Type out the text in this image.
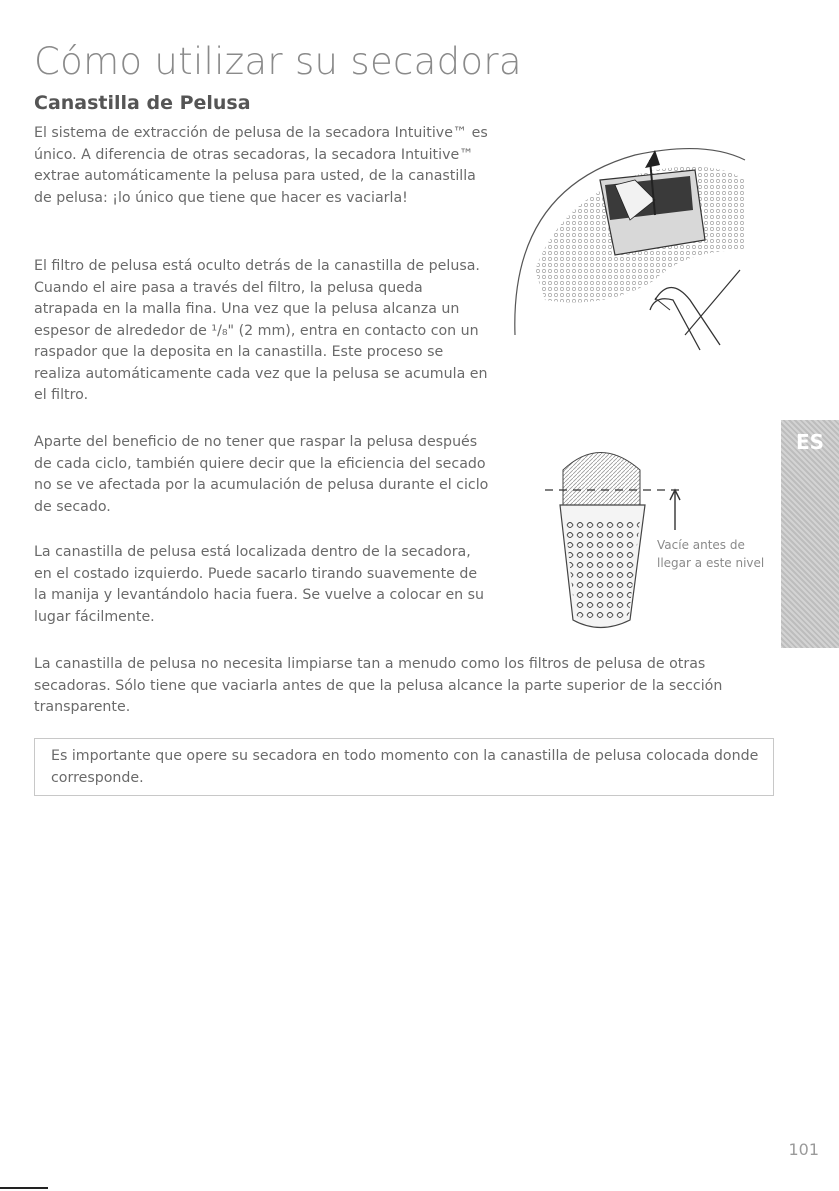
Cómo utilizar su secadora
Canastilla de Pelusa

El sistema de extracción de pelusa de la secadora Intuitive™ es único. A diferencia de otras secadoras, la secadora Intuitive™ extrae automáticamente la pelusa para usted, de la canastilla de pelusa: ¡lo único que tiene que hacer es vaciarla!

El filtro de pelusa está oculto detrás de la canastilla de pelusa. Cuando el aire pasa a través del filtro, la pelusa queda atrapada en la malla fina. Una vez que la pelusa alcanza un espesor de alrededor de ¹/₈" (2 mm), entra en contacto con un raspador que la deposita en la canastilla. Este proceso se realiza automáticamente cada vez que la pelusa se acumula en el filtro.

Aparte del beneficio de no tener que raspar la pelusa después de cada ciclo, también quiere decir que la eficiencia del secado no se ve afectada por la acumulación de pelusa durante el ciclo de secado.

La canastilla de pelusa está localizada dentro de la secadora, en el costado izquierdo. Puede sacarlo tirando suavemente de la manija y levantándolo hacia fuera. Se vuelve a colocar en su lugar fácilmente.

La canastilla de pelusa no necesita limpiarse tan a menudo como los filtros de pelusa de otras secadoras. Sólo tiene que vaciarla antes de que la pelusa alcance la parte superior de la sección transparente.

Es importante que opere su secadora en todo momento con la canastilla de pelusa colocada donde corresponde.

Vacíe antes de llegar a este nivel

ES
101
